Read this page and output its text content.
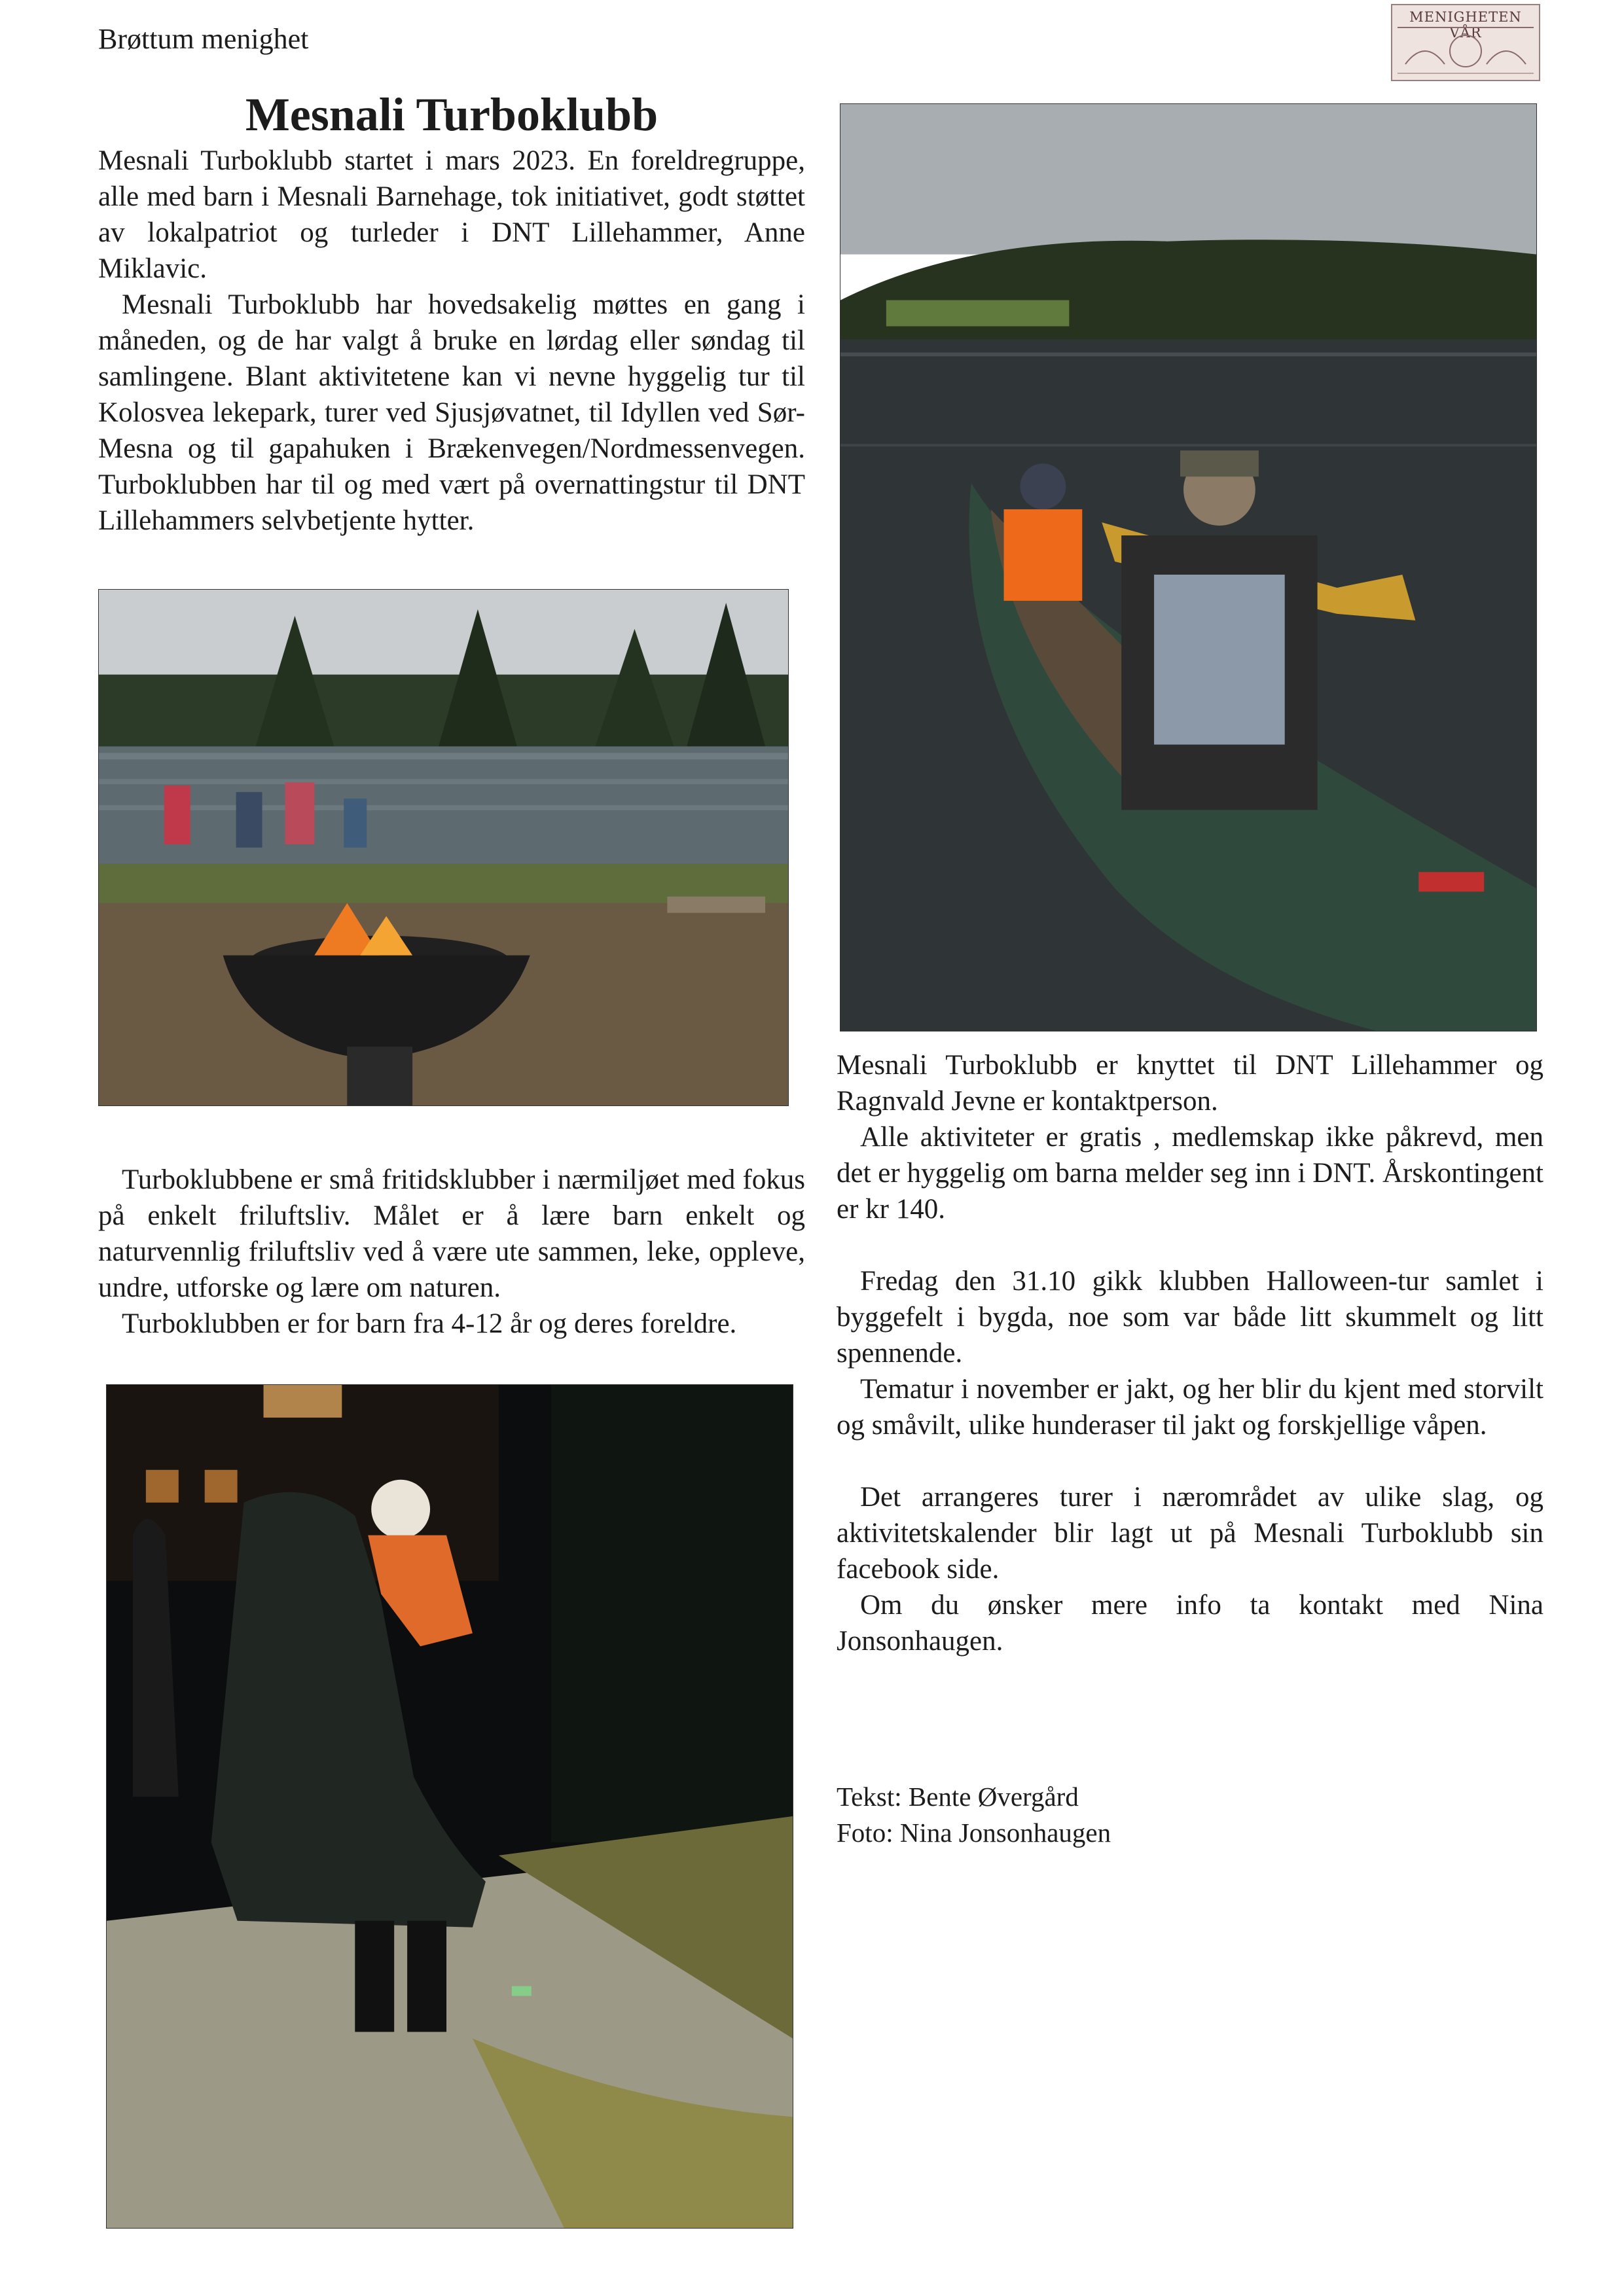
Brøttum menighet
MENIGHETEN VÅR
Mesnali Turboklubb

Mesnali Turboklubb startet i mars 2023. En foreldregruppe, alle med barn i Mesnali Barnehage, tok initiativet, godt støttet av lokalpatriot og turleder i DNT Lillehammer, Anne Miklavic.

Mesnali Turboklubb har hovedsakelig møttes en gang i måneden, og de har valgt å bruke en lørdag eller søndag til samlingene. Blant aktivitetene kan vi nevne hyggelig tur til Kolosvea lekepark, turer ved Sjusjøvatnet, til Idyllen ved Sør-Mesna og til gapahuken i Brækenvegen/Nordmessenvegen. Turboklubben har til og med vært på overnattingstur til DNT Lillehammers selvbetjente hytter.

Mesnali Turboklubb er knyttet til DNT Lillehammer og Ragnvald Jevne er kontaktperson.

Alle aktiviteter er gratis , medlemskap ikke påkrevd, men det er hyggelig om barna melder seg inn i DNT. Årskontingent er kr 140.

Fredag den 31.10 gikk klubben Halloween-tur samlet i byggefelt i bygda, noe som var både litt skummelt og litt spennende.

Tematur i november er jakt, og her blir du kjent med storvilt og småvilt, ulike hunderaser til jakt og forskjellige våpen.

Det arrangeres turer i nærområdet av ulike slag, og aktivitetskalender blir lagt ut på Mesnali Turboklubb sin facebook side.

Om du ønsker mere info ta kontakt med Nina Jonsonhaugen.

Tekst: Bente Øvergård
Foto: Nina Jonsonhaugen

Turboklubbene er små fritidsklubber i nærmiljøet med fokus på enkelt friluftsliv. Målet er å lære barn enkelt og naturvennlig friluftsliv ved å være ute sammen, leke, oppleve, undre, utforske og lære om naturen.

Turboklubben er for barn fra 4-12 år og deres foreldre.
